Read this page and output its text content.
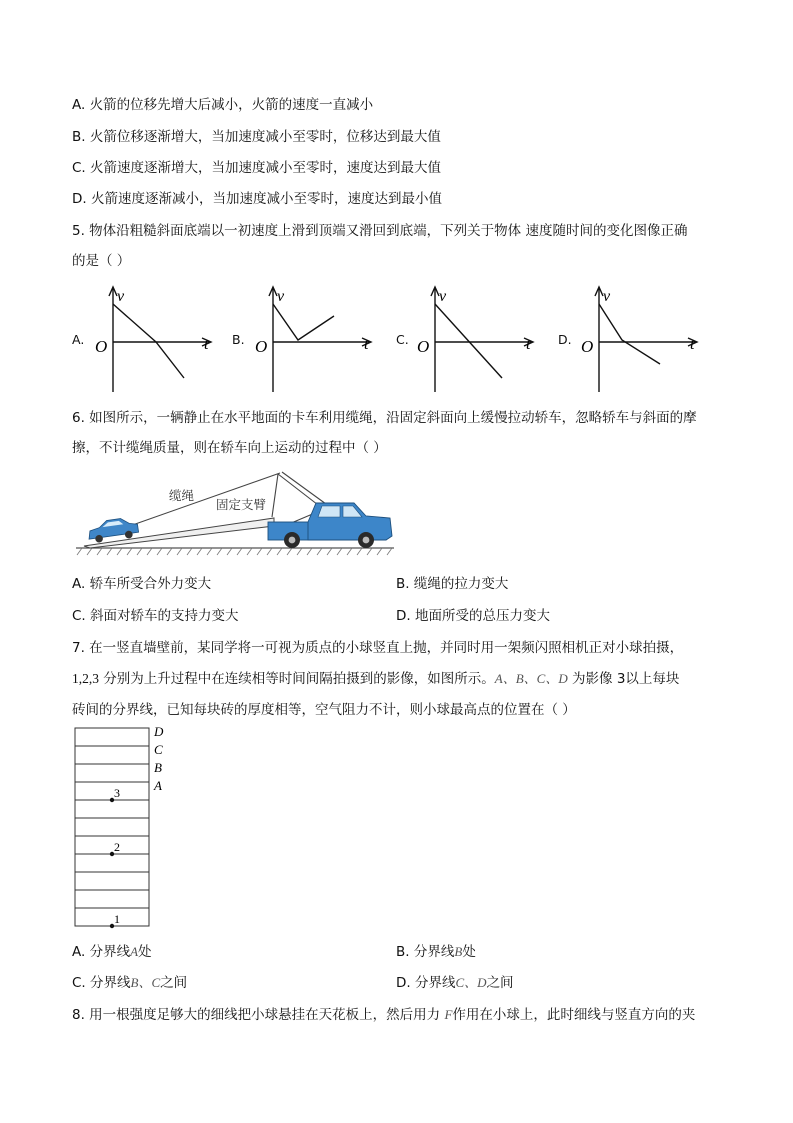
A. 火箭的位移先增大后减小，火箭的速度一直减小
B. 火箭位移逐渐增大，当加速度减小至零时，位移达到最大值
C. 火箭速度逐渐增大，当加速度减小至零时，速度达到最大值
D. 火箭速度逐渐减小，当加速度减小至零时，速度达到最小值
5. 物体沿粗糙斜面底端以一初速度上滑到顶端又滑回到底端，下列关于物体 速度随时间的变化图像正确
的是（ ）
A.
v
t
O	B.
v
t
O	C.
v
t
O	D.
v
t
O
6. 如图所示，一辆静止在水平地面的卡车利用缆绳，沿固定斜面向上缓慢拉动轿车，忽略轿车与斜面的摩
擦，不计缆绳质量，则在轿车向上运动的过程中（ ）
缆绳
固定支臂
A. 轿车所受合外力变大	B. 缆绳的拉力变大
C. 斜面对轿车的支持力变大	D. 地面所受的总压力变大
7. 在一竖直墙壁前，某同学将一可视为质点的小球竖直上抛，并同时用一架频闪照相机正对小球拍摄，
1,2,3 分别为上升过程中在连续相等时间间隔拍摄到的影像，如图所示。A、B、C、D 为影像 3以上每块
砖间的分界线，已知每块砖的厚度相等，空气阻力不计，则小球最高点的位置在（ ）
D
C
B
A
3
2
1
A. 分界线A处	B. 分界线B处
C. 分界线B、C之间	D. 分界线C、D之间
8. 用一根强度足够大的细线把小球悬挂在天花板上，然后用力 F作用在小球上，此时细线与竖直方向的夹
